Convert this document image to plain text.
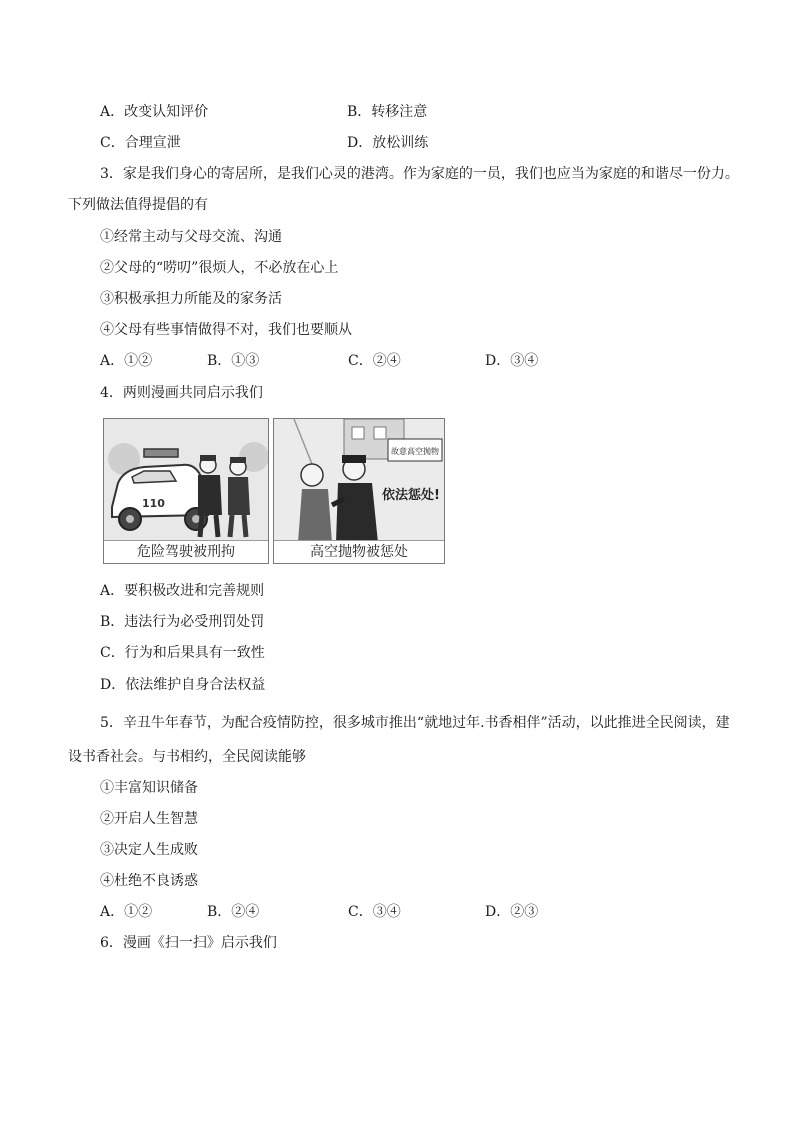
A．改变认知评价	B．转移注意
C．合理宣泄	D．放松训练
3．家是我们身心的寄居所，是我们心灵的港湾。作为家庭的一员，我们也应当为家庭的和谐尽一份力。
下列做法值得提倡的有
①经常主动与父母交流、沟通
②父母的“唠叨”很烦人，不必放在心上
③积极承担力所能及的家务活
④父母有些事情做得不对，我们也要顺从
A．①②	B．①③	C．②④	D．③④
4．两则漫画共同启示我们
110
危险驾驶被刑拘
故意高空抛物
依法惩处!
高空抛物被惩处
A．要积极改进和完善规则
B．违法行为必受刑罚处罚
C．行为和后果具有一致性
D．依法维护自身合法权益
5．辛丑牛年春节，为配合疫情防控，很多城市推出“就地过年.书香相伴”活动，以此推进全民阅读，建
设书香社会。与书相约，全民阅读能够
①丰富知识储备
②开启人生智慧
③决定人生成败
④杜绝不良诱惑
A．①②	B．②④	C．③④	D．②③
6．漫画《扫一扫》启示我们
